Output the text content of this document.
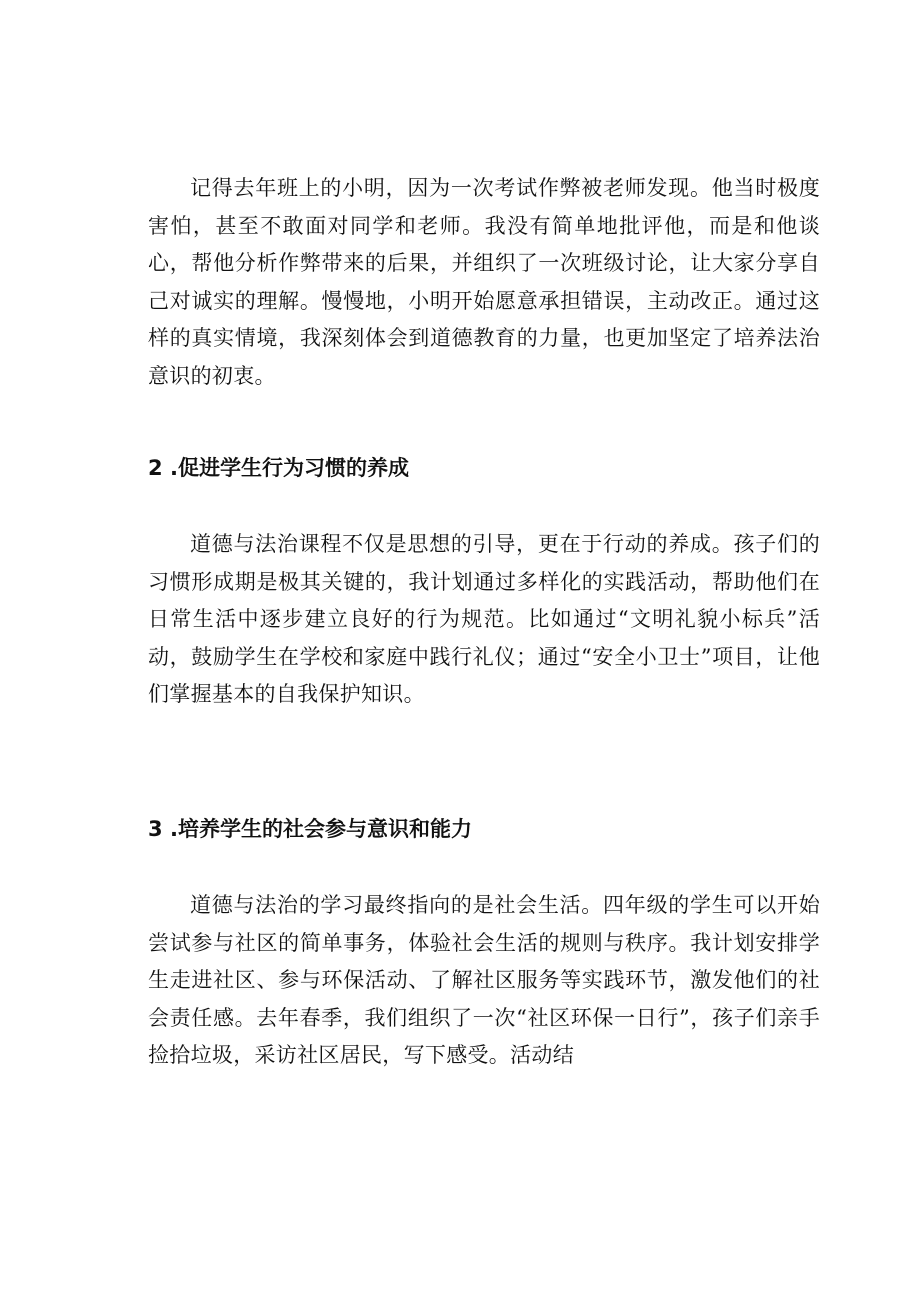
记得去年班上的小明，因为一次考试作弊被老师发现。他当时极度害怕，甚至不敢面对同学和老师。我没有简单地批评他，而是和他谈心，帮他分析作弊带来的后果，并组织了一次班级讨论，让大家分享自己对诚实的理解。慢慢地，小明开始愿意承担错误，主动改正。通过这样的真实情境，我深刻体会到道德教育的力量，也更加坚定了培养法治意识的初衷。

2 .促进学生行为习惯的养成

道德与法治课程不仅是思想的引导，更在于行动的养成。孩子们的习惯形成期是极其关键的，我计划通过多样化的实践活动，帮助他们在日常生活中逐步建立良好的行为规范。比如通过“文明礼貌小标兵”活动，鼓励学生在学校和家庭中践行礼仪；通过“安全小卫士”项目，让他们掌握基本的自我保护知识。

3 .培养学生的社会参与意识和能力

道德与法治的学习最终指向的是社会生活。四年级的学生可以开始尝试参与社区的简单事务，体验社会生活的规则与秩序。我计划安排学生走进社区、参与环保活动、了解社区服务等实践环节，激发他们的社会责任感。去年春季，我们组织了一次“社区环保一日行”，孩子们亲手捡拾垃圾，采访社区居民，写下感受。活动结
